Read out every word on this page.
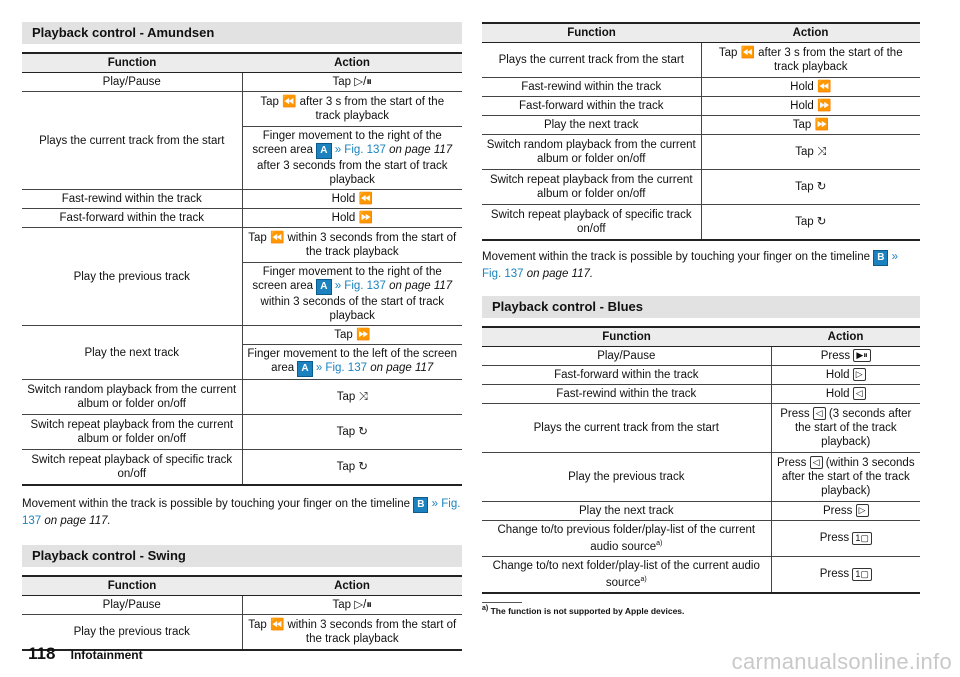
Playback control - Amundsen
Function	Action
Play/Pause	Tap ▷/⏸
Plays the current track from the start	Tap ⏪ after 3 s from the start of the track playback
	Finger movement to the right of the screen area A » Fig. 137 on page 117 after 3 seconds from the start of track playback
Fast-rewind within the track	Hold ⏪
Fast-forward within the track	Hold ⏩
Play the previous track	Tap ⏪ within 3 seconds from the start of the track playback
	Finger movement to the right of the screen area A » Fig. 137 on page 117 within 3 seconds of the start of track playback
Play the next track	Tap ⏩
	Finger movement to the left of the screen area A » Fig. 137 on page 117
Switch random playback from the current album or folder on/off	Tap ⤨
Switch repeat playback from the current album or folder on/off	Tap ↻
Switch repeat playback of specific track on/off	Tap ↻
Movement within the track is possible by touching your finger on the timeline B » Fig. 137 on page 117.
Playback control - Swing
Function	Action
Play/Pause	Tap ▷/⏸
Play the previous track	Tap ⏪ within 3 seconds from the start of the track playback
Function	Action
Plays the current track from the start	Tap ⏪ after 3 s from the start of the track playback
Fast-rewind within the track	Hold ⏪
Fast-forward within the track	Hold ⏩
Play the next track	Tap ⏩
Switch random playback from the current album or folder on/off	Tap ⤨
Switch repeat playback from the current album or folder on/off	Tap ↻
Switch repeat playback of specific track on/off	Tap ↻
Movement within the track is possible by touching your finger on the timeline B » Fig. 137 on page 117.
Playback control - Blues
Function	Action
Play/Pause	Press ▶⏸
Fast-forward within the track	Hold ▷
Fast-rewind within the track	Hold ◁
Plays the current track from the start	Press ◁ (3 seconds after the start of the track playback)
Play the previous track	Press ◁ (within 3 seconds after the start of the track playback)
Play the next track	Press ▷
Change to/to previous folder/play-list of the current audio source$^{a)}$	Press 1▢
Change to/to next folder/play-list of the current audio source$^{a)}$	Press 1▢
$^{a)}$ The function is not supported by Apple devices.
118 Infotainment	carmanualsonline.info
